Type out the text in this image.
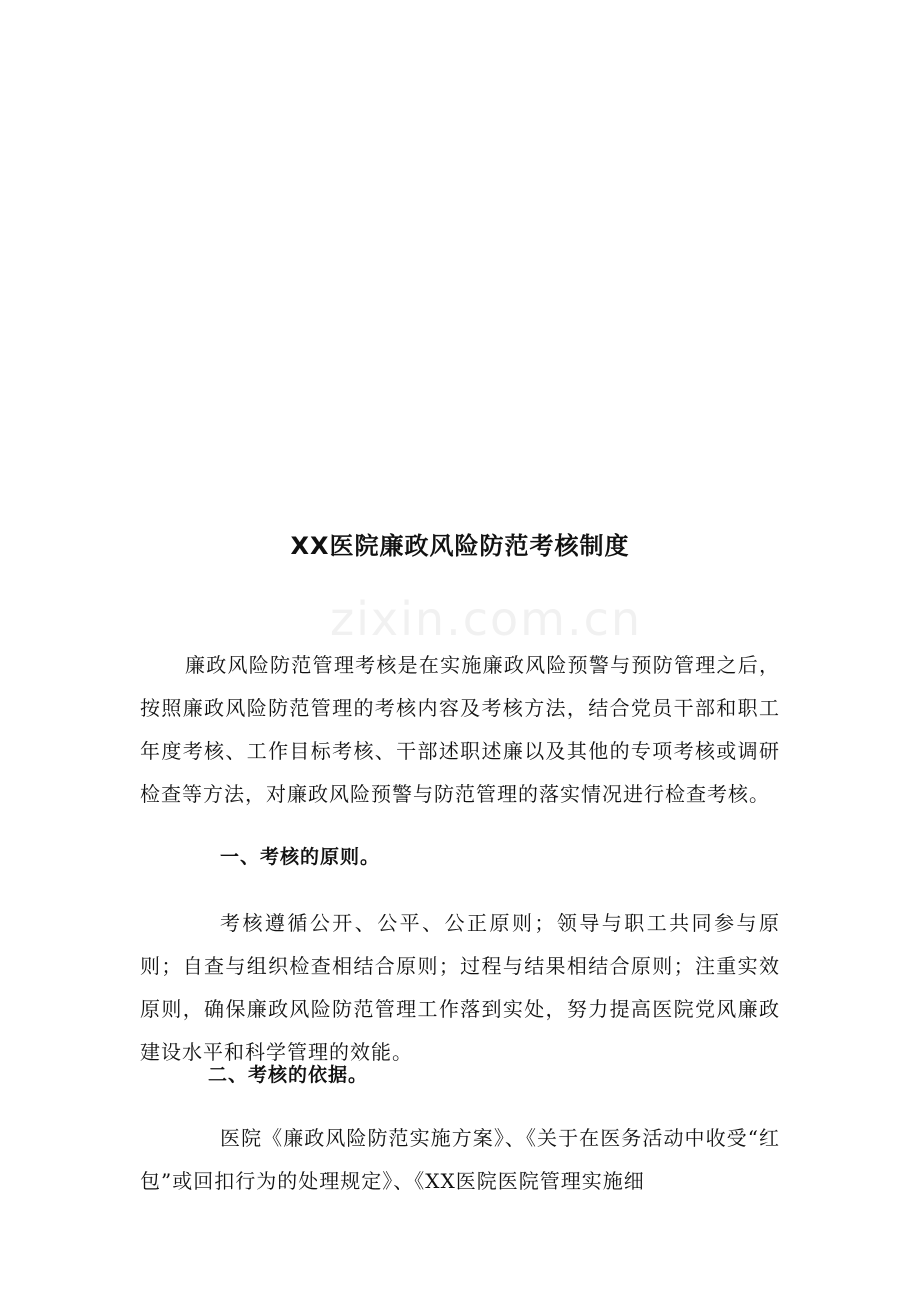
zixin.com.cn
XX医院廉政风险防范考核制度

廉政风险防范管理考核是在实施廉政风险预警与预防管理之后，按照廉政风险防范管理的考核内容及考核方法，结合党员干部和职工年度考核、工作目标考核、干部述职述廉以及其他的专项考核或调研检查等方法，对廉政风险预警与防范管理的落实情况进行检查考核。

一、考核的原则。

考核遵循公开、公平、公正原则；领导与职工共同参与原则；自查与组织检查相结合原则；过程与结果相结合原则；注重实效原则，确保廉政风险防范管理工作落到实处，努力提高医院党风廉政建设水平和科学管理的效能。

二、考核的依据。

医院《廉政风险防范实施方案》、《关于在医务活动中收受“红包”或回扣行为的处理规定》、《XX医院医院管理实施细
